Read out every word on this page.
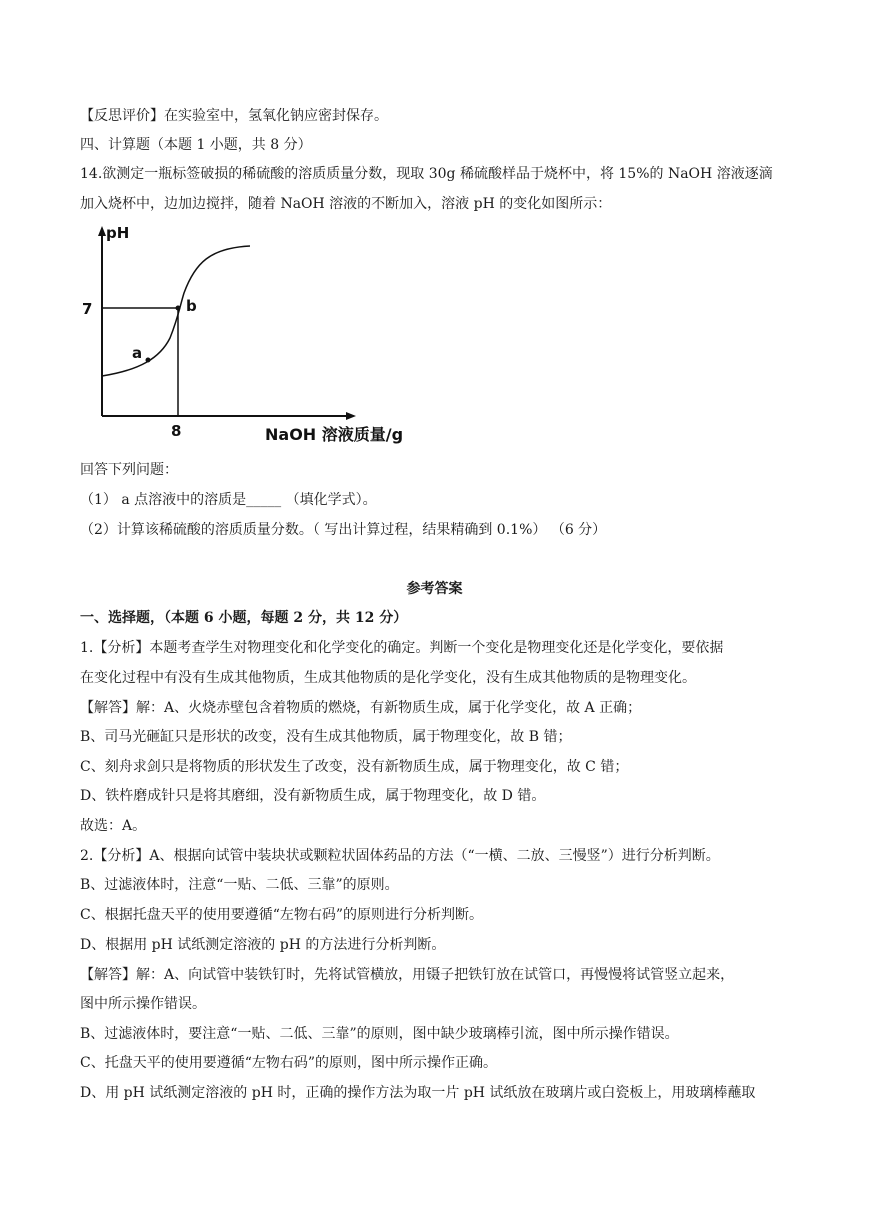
【反思评价】在实验室中，氢氧化钠应密封保存。
四、计算题（本题 1 小题，共 8 分）
14.欲测定一瓶标签破损的稀硫酸的溶质质量分数，现取 30g 稀硫酸样品于烧杯中，将 15%的 NaOH 溶液逐滴
加入烧杯中，边加边搅拌，随着 NaOH 溶液的不断加入，溶液 pH 的变化如图所示：
pH
7
8	NaOH 溶液质量/g
a
b
回答下列问题：
（1） a 点溶液中的溶质是_____ （填化学式）。
（2）计算该稀硫酸的溶质质量分数。（ 写出计算过程，结果精确到 0.1%） （6 分）
参考答案
一、选择题，（本题 6 小题，每题 2 分，共 12 分）
1.【分析】本题考查学生对物理变化和化学变化的确定。判断一个变化是物理变化还是化学变化，要依据
在变化过程中有没有生成其他物质，生成其他物质的是化学变化，没有生成其他物质的是物理变化。
【解答】解：A、火烧赤壁包含着物质的燃烧，有新物质生成，属于化学变化，故 A 正确；
B、司马光砸缸只是形状的改变，没有生成其他物质，属于物理变化，故 B 错；
C、刻舟求剑只是将物质的形状发生了改变，没有新物质生成，属于物理变化，故 C 错；
D、铁杵磨成针只是将其磨细，没有新物质生成，属于物理变化，故 D 错。
故选：A。
2.【分析】A、根据向试管中装块状或颗粒状固体药品的方法（“一横、二放、三慢竖”）进行分析判断。
B、过滤液体时，注意“一贴、二低、三靠”的原则。
C、根据托盘天平的使用要遵循“左物右码”的原则进行分析判断。
D、根据用 pH 试纸测定溶液的 pH 的方法进行分析判断。
【解答】解：A、向试管中装铁钉时，先将试管横放，用镊子把铁钉放在试管口，再慢慢将试管竖立起来，
图中所示操作错误。
B、过滤液体时，要注意“一贴、二低、三靠”的原则，图中缺少玻璃棒引流，图中所示操作错误。
C、托盘天平的使用要遵循“左物右码”的原则，图中所示操作正确。
D、用 pH 试纸测定溶液的 pH 时，正确的操作方法为取一片 pH 试纸放在玻璃片或白瓷板上，用玻璃棒蘸取
